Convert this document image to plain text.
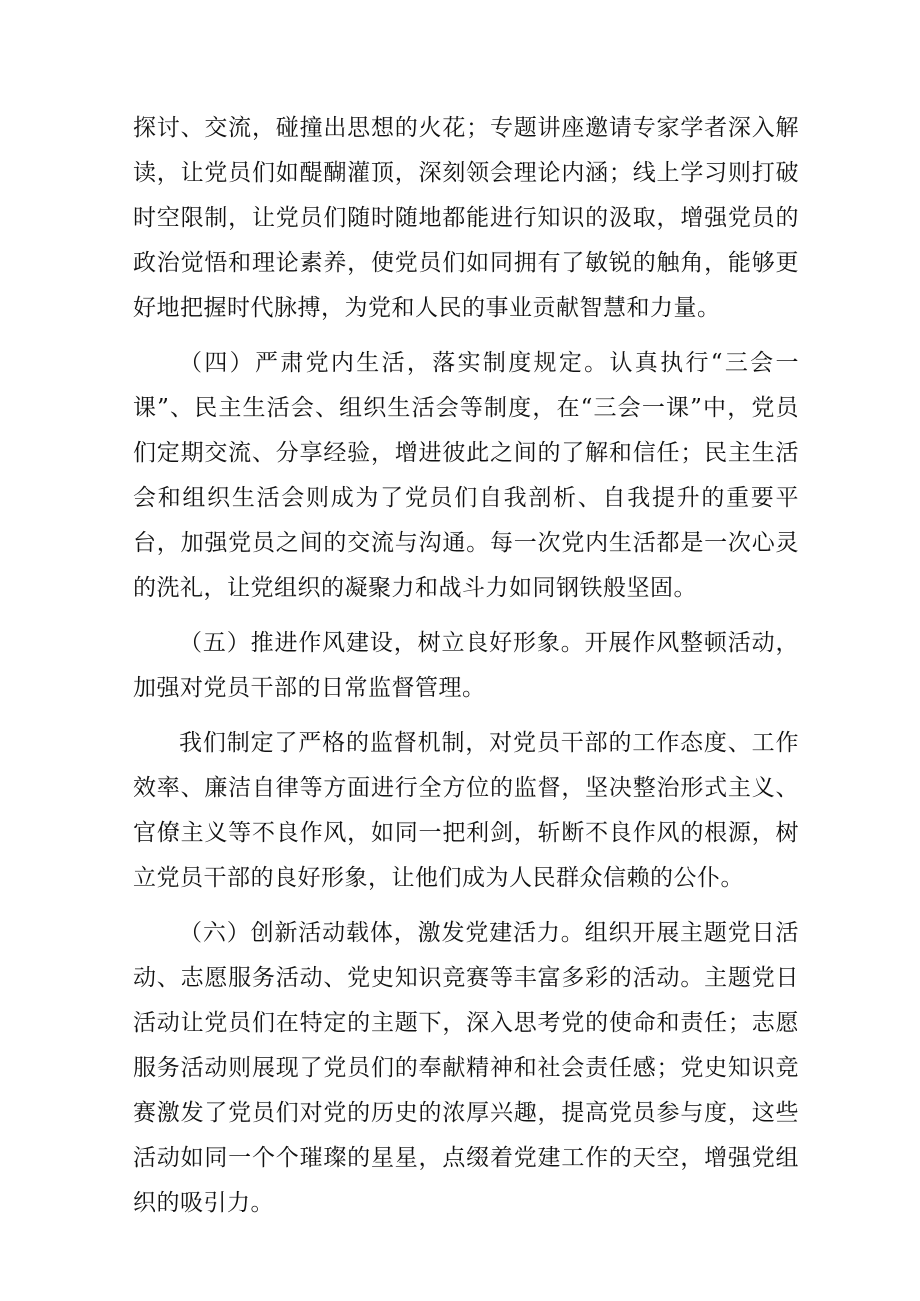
探讨、交流，碰撞出思想的火花；专题讲座邀请专家学者深入解读，让党员们如醍醐灌顶，深刻领会理论内涵；线上学习则打破时空限制，让党员们随时随地都能进行知识的汲取，增强党员的政治觉悟和理论素养，使党员们如同拥有了敏锐的触角，能够更好地把握时代脉搏，为党和人民的事业贡献智慧和力量。

（四）严肃党内生活，落实制度规定。认真执行“三会一课”、民主生活会、组织生活会等制度，在“三会一课”中，党员们定期交流、分享经验，增进彼此之间的了解和信任；民主生活会和组织生活会则成为了党员们自我剖析、自我提升的重要平台，加强党员之间的交流与沟通。每一次党内生活都是一次心灵的洗礼，让党组织的凝聚力和战斗力如同钢铁般坚固。

（五）推进作风建设，树立良好形象。开展作风整顿活动，加强对党员干部的日常监督管理。

我们制定了严格的监督机制，对党员干部的工作态度、工作效率、廉洁自律等方面进行全方位的监督，坚决整治形式主义、官僚主义等不良作风，如同一把利剑，斩断不良作风的根源，树立党员干部的良好形象，让他们成为人民群众信赖的公仆。

（六）创新活动载体，激发党建活力。组织开展主题党日活动、志愿服务活动、党史知识竞赛等丰富多彩的活动。主题党日活动让党员们在特定的主题下，深入思考党的使命和责任；志愿服务活动则展现了党员们的奉献精神和社会责任感；党史知识竞赛激发了党员们对党的历史的浓厚兴趣，提高党员参与度，这些活动如同一个个璀璨的星星，点缀着党建工作的天空，增强党组织的吸引力。
